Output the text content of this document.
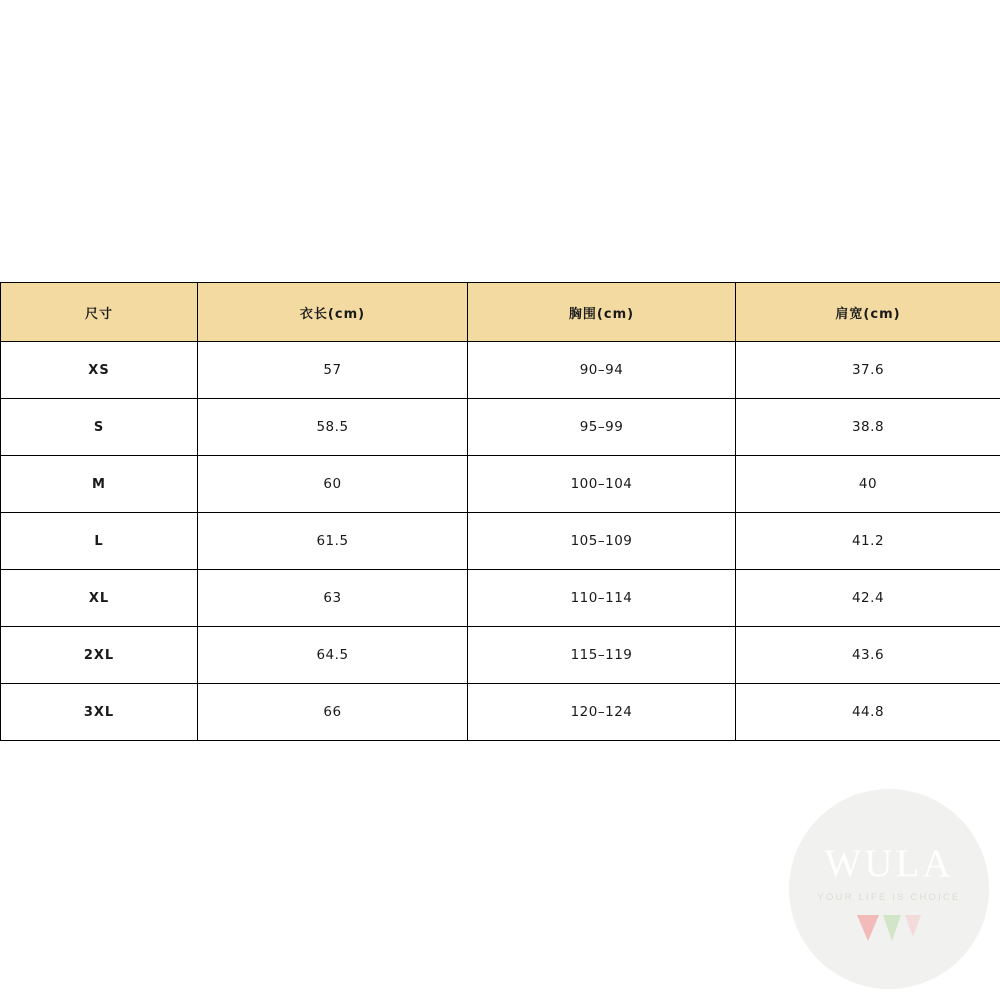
尺寸	衣长(cm)	胸围(cm)	肩宽(cm)
XS	57	90–94	37.6
S	58.5	95–99	38.8
M	60	100–104	40
L	61.5	105–109	41.2
XL	63	110–114	42.4
2XL	64.5	115–119	43.6
3XL	66	120–124	44.8
WULA
YOUR LIFE IS CHOICE
